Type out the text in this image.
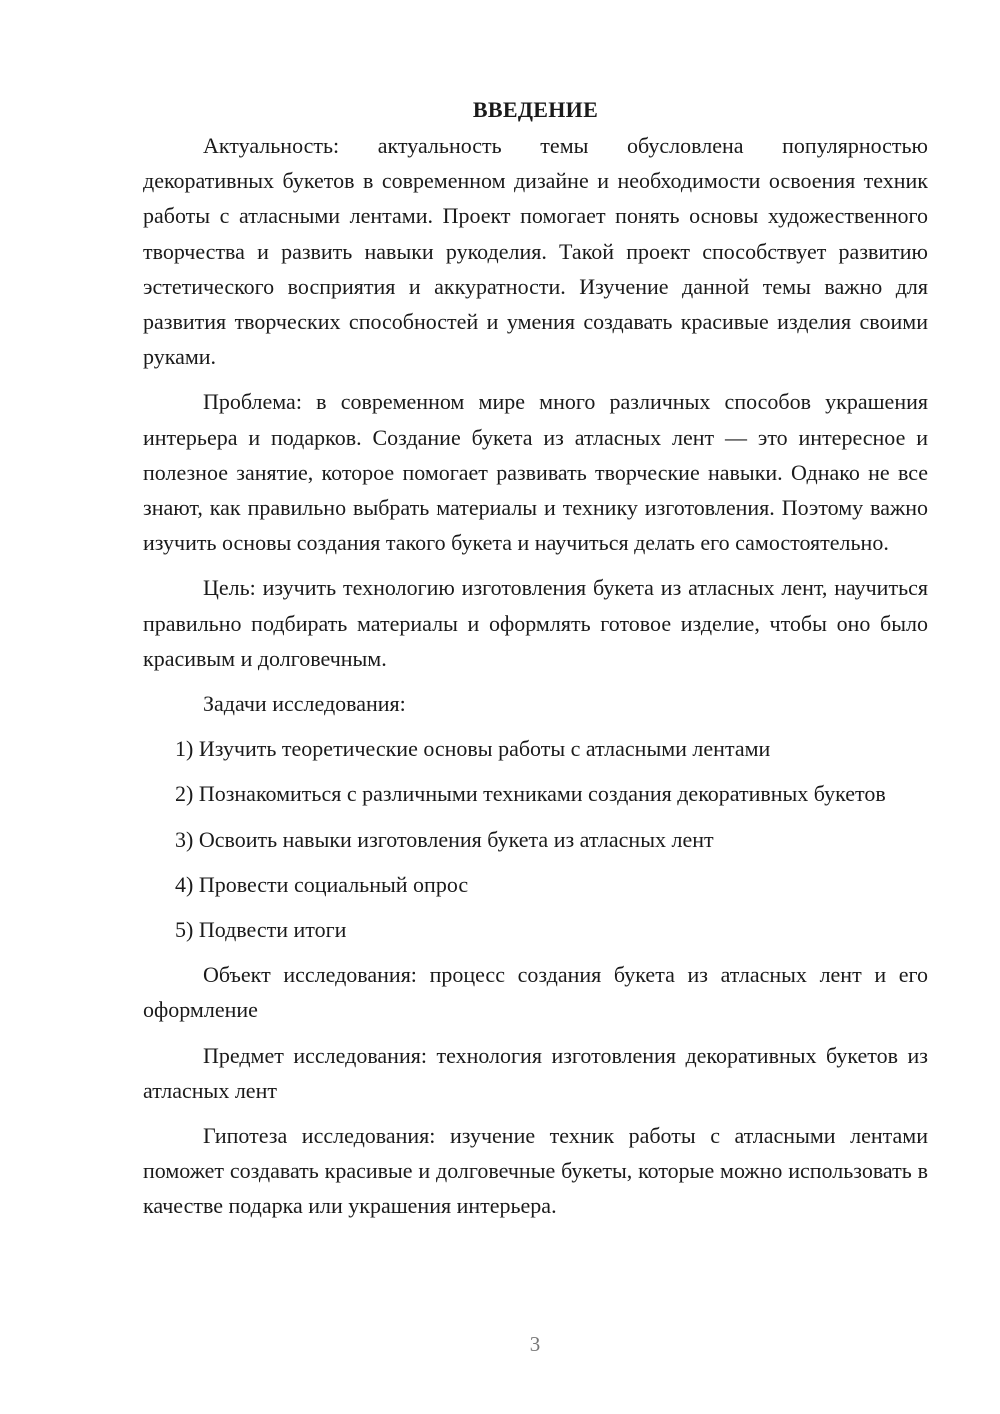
ВВЕДЕНИЕ

Актуальность: актуальность темы обусловлена популярностью декоративных букетов в современном дизайне и необходимости освоения техник работы с атласными лентами. Проект помогает понять основы художественного творчества и развить навыки рукоделия. Такой проект способствует развитию эстетического восприятия и аккуратности. Изучение данной темы важно для развития творческих способностей и умения создавать красивые изделия своими руками.

Проблема: в современном мире много различных способов украшения интерьера и подарков. Создание букета из атласных лент — это интересное и полезное занятие, которое помогает развивать творческие навыки. Однако не все знают, как правильно выбрать материалы и технику изготовления. Поэтому важно изучить основы создания такого букета и научиться делать его самостоятельно.

Цель: изучить технологию изготовления букета из атласных лент, научиться правильно подбирать материалы и оформлять готовое изделие, чтобы оно было красивым и долговечным.

Задачи исследования:

1) Изучить теоретические основы работы с атласными лентами

2) Познакомиться с различными техниками создания декоративных букетов

3) Освоить навыки изготовления букета из атласных лент

4) Провести социальный опрос

5) Подвести итоги

Объект исследования: процесс создания букета из атласных лент и его оформление

Предмет исследования: технология изготовления декоративных букетов из атласных лент

Гипотеза исследования: изучение техник работы с атласными лентами поможет создавать красивые и долговечные букеты, которые можно использовать в качестве подарка или украшения интерьера.

3
